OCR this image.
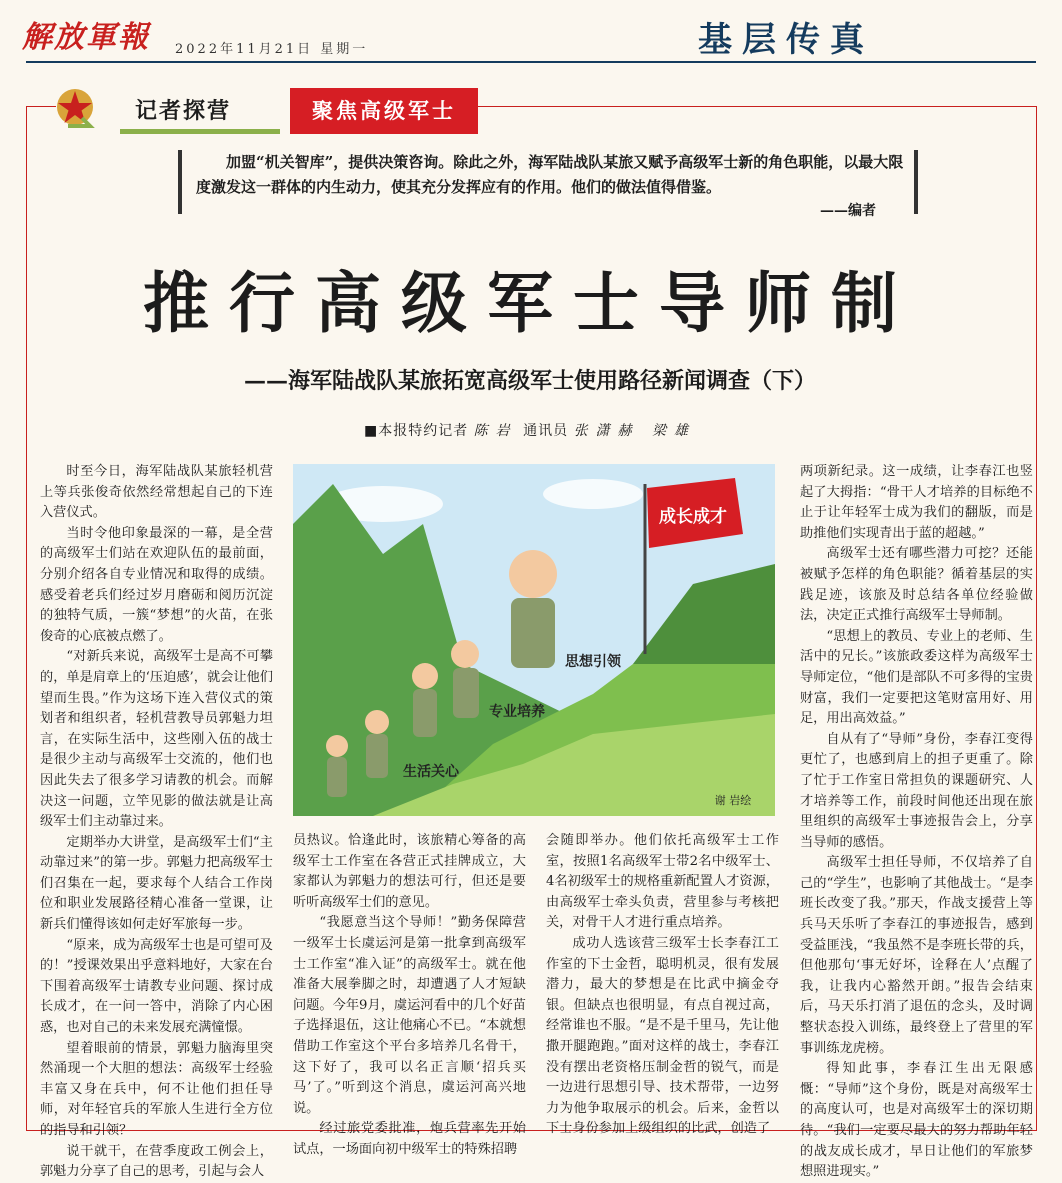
解放軍報 2022年11月21日 星期一	基层传真
记者探营	聚焦高级军士
加盟“机关智库”，提供决策咨询。除此之外，海军陆战队某旅又赋予高级军士新的角色职能，以最大限度激发这一群体的内生动力，使其充分发挥应有的作用。他们的做法值得借鉴。
——编者
推行高级军士导师制
——海军陆战队某旅拓宽高级军士使用路径新闻调查（下）
■本报特约记者 陈岩 通讯员 张潇赫 梁雄
成长成才
生活关心
专业培养
思想引领
谢 岩绘

时至今日，海军陆战队某旅轻机营上等兵张俊奇依然经常想起自己的下连入营仪式。

当时令他印象最深的一幕，是全营的高级军士们站在欢迎队伍的最前面，分别介绍各自专业情况和取得的成绩。感受着老兵们经过岁月磨砺和阅历沉淀的独特气质，一簇“梦想”的火苗，在张俊奇的心底被点燃了。

“对新兵来说，高级军士是高不可攀的，单是肩章上的‘压迫感’，就会让他们望而生畏。”作为这场下连入营仪式的策划者和组织者，轻机营教导员郭魁力坦言，在实际生活中，这些刚入伍的战士是很少主动与高级军士交流的，他们也因此失去了很多学习请教的机会。而解决这一问题，立竿见影的做法就是让高级军士们主动靠过来。

定期举办大讲堂，是高级军士们“主动靠过来”的第一步。郭魁力把高级军士们召集在一起，要求每个人结合工作岗位和职业发展路径精心准备一堂课，让新兵们懂得该如何走好军旅每一步。

“原来，成为高级军士也是可望可及的！”授课效果出乎意料地好，大家在台下围着高级军士请教专业问题、探讨成长成才，在一问一答中，消除了内心困惑，也对自己的未来发展充满憧憬。

望着眼前的情景，郭魁力脑海里突然涌现一个大胆的想法：高级军士经验丰富又身在兵中，何不让他们担任导师，对年轻官兵的军旅人生进行全方位的指导和引领？

说干就干，在营季度政工例会上，郭魁力分享了自己的思考，引起与会人

员热议。恰逢此时，该旅精心筹备的高级军士工作室在各营正式挂牌成立，大家都认为郭魁力的想法可行，但还是要听听高级军士们的意见。

“我愿意当这个导师！”勤务保障营一级军士长虞运河是第一批拿到高级军士工作室“准入证”的高级军士。就在他准备大展拳脚之时，却遭遇了人才短缺问题。今年9月，虞运河看中的几个好苗子选择退伍，这让他痛心不已。“本就想借助工作室这个平台多培养几名骨干，这下好了，我可以名正言顺‘招兵买马’了。”听到这个消息，虞运河高兴地说。

经过旅党委批准，炮兵营率先开始试点，一场面向初中级军士的特殊招聘

会随即举办。他们依托高级军士工作室，按照1名高级军士带2名中级军士、4名初级军士的规格重新配置人才资源，由高级军士牵头负责，营里参与考核把关，对骨干人才进行重点培养。

成功人选该营三级军士长李春江工作室的下士金哲，聪明机灵，很有发展潜力，最大的梦想是在比武中摘金夺银。但缺点也很明显，有点自视过高，经常谁也不服。“是不是千里马，先让他撒开腿跑跑。”面对这样的战士，李春江没有摆出老资格压制金哲的锐气，而是一边进行思想引导、技术帮带，一边努力为他争取展示的机会。后来，金哲以下士身份参加上级组织的比武，创造了

两项新纪录。这一成绩，让李春江也竖起了大拇指：“骨干人才培养的目标绝不止于让年轻军士成为我们的翻版，而是助推他们实现青出于蓝的超越。”

高级军士还有哪些潜力可挖？还能被赋予怎样的角色职能？循着基层的实践足迹，该旅及时总结各单位经验做法，决定正式推行高级军士导师制。

“思想上的教员、专业上的老师、生活中的兄长。”该旅政委这样为高级军士导师定位，“他们是部队不可多得的宝贵财富，我们一定要把这笔财富用好、用足，用出高效益。”

自从有了“导师”身份，李春江变得更忙了，也感到肩上的担子更重了。除了忙于工作室日常担负的课题研究、人才培养等工作，前段时间他还出现在旅里组织的高级军士事迹报告会上，分享当导师的感悟。

高级军士担任导师，不仅培养了自己的“学生”，也影响了其他战士。“是李班长改变了我。”那天，作战支援营上等兵马天乐听了李春江的事迹报告，感到受益匪浅，“我虽然不是李班长带的兵，但他那句‘事无好坏，诠释在人’点醒了我，让我内心豁然开朗。”报告会结束后，马天乐打消了退伍的念头，及时调整状态投入训练，最终登上了营里的军事训练龙虎榜。

得知此事，李春江生出无限感慨：“导师”这个身份，既是对高级军士的高度认可，也是对高级军士的深切期待。“我们一定要尽最大的努力帮助年轻的战友成长成才，早日让他们的军旅梦想照进现实。”
